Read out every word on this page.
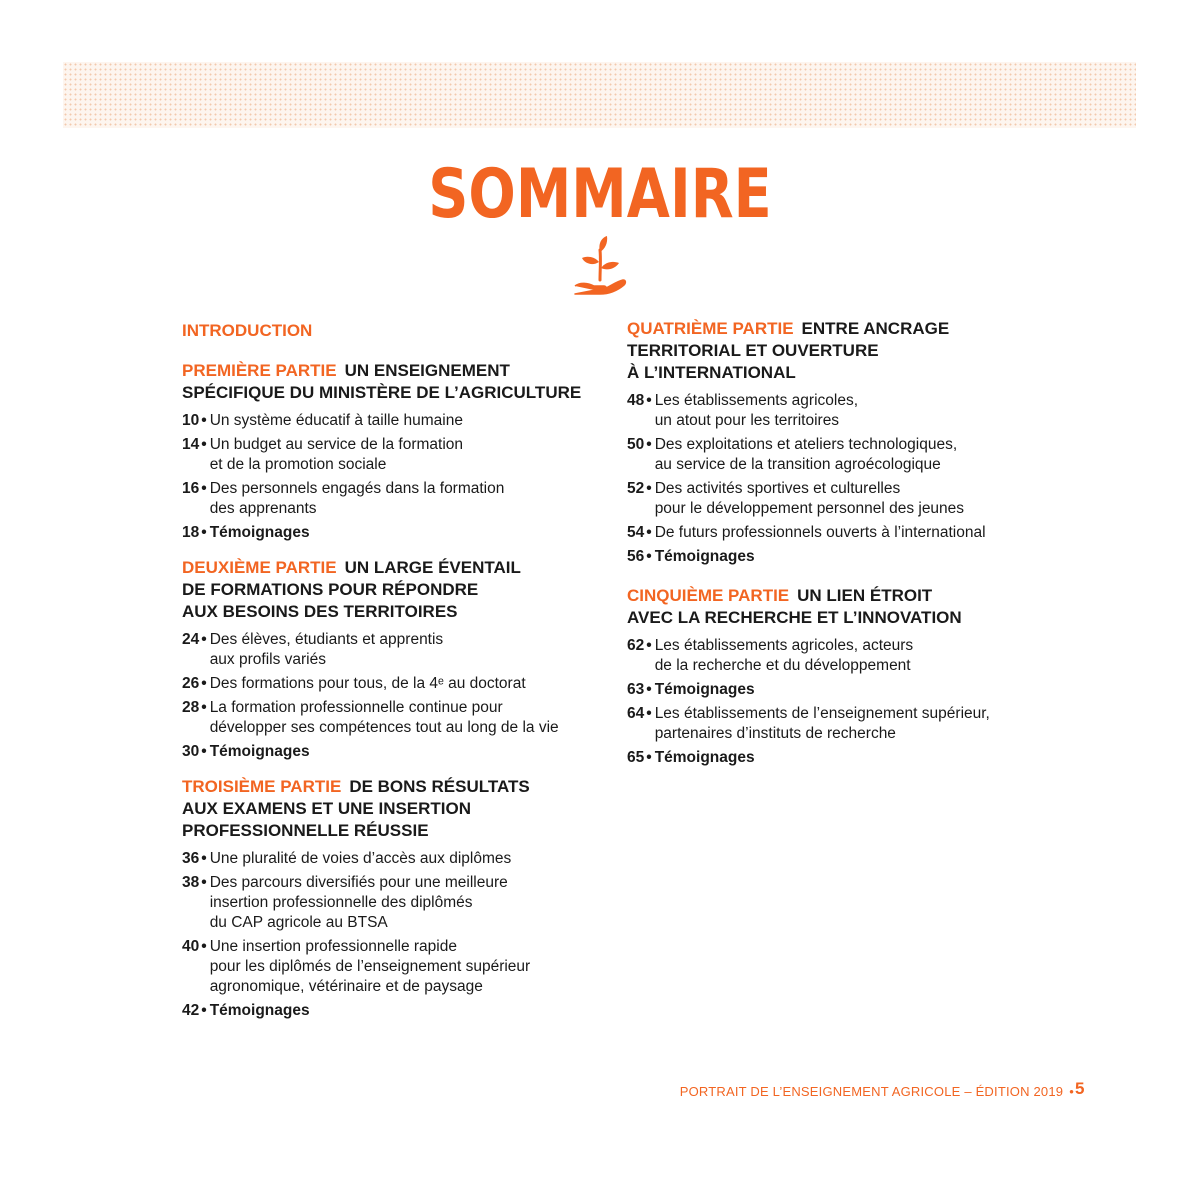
SOMMAIRE
INTRODUCTION
PREMIÈRE PARTIE UN ENSEIGNEMENT
SPÉCIFIQUE DU MINISTÈRE DE L’AGRICULTURE
10 • Un système éducatif à taille humaine
14 • Un budget au service de la formation
et de la promotion sociale
16 • Des personnels engagés dans la formation
des apprenants
18 • Témoignages
DEUXIÈME PARTIE UN LARGE ÉVENTAIL
DE FORMATIONS POUR RÉPONDRE
AUX BESOINS DES TERRITOIRES
24 • Des élèves, étudiants et apprentis
aux profils variés
26 • Des formations pour tous, de la 4ᵉ au doctorat
28 • La formation professionnelle continue pour
développer ses compétences tout au long de la vie
30 • Témoignages
TROISIÈME PARTIE DE BONS RÉSULTATS
AUX EXAMENS ET UNE INSERTION
PROFESSIONNELLE RÉUSSIE
36 • Une pluralité de voies d’accès aux diplômes
38 • Des parcours diversifiés pour une meilleure
insertion professionnelle des diplômés
du CAP agricole au BTSA
40 • Une insertion professionnelle rapide
pour les diplômés de l’enseignement supérieur
agronomique, vétérinaire et de paysage
42 • Témoignages
QUATRIÈME PARTIE ENTRE ANCRAGE
TERRITORIAL ET OUVERTURE
À L’INTERNATIONAL
48 • Les établissements agricoles,
un atout pour les territoires
50 • Des exploitations et ateliers technologiques,
au service de la transition agroécologique
52 • Des activités sportives et culturelles
pour le développement personnel des jeunes
54 • De futurs professionnels ouverts à l’international
56 • Témoignages
CINQUIÈME PARTIE UN LIEN ÉTROIT
AVEC LA RECHERCHE ET L’INNOVATION
62 • Les établissements agricoles, acteurs
de la recherche et du développement
63 • Témoignages
64 • Les établissements de l’enseignement supérieur,
partenaires d’instituts de recherche
65 • Témoignages
PORTRAIT DE L’ENSEIGNEMENT AGRICOLE – ÉDITION 2019 • 5
